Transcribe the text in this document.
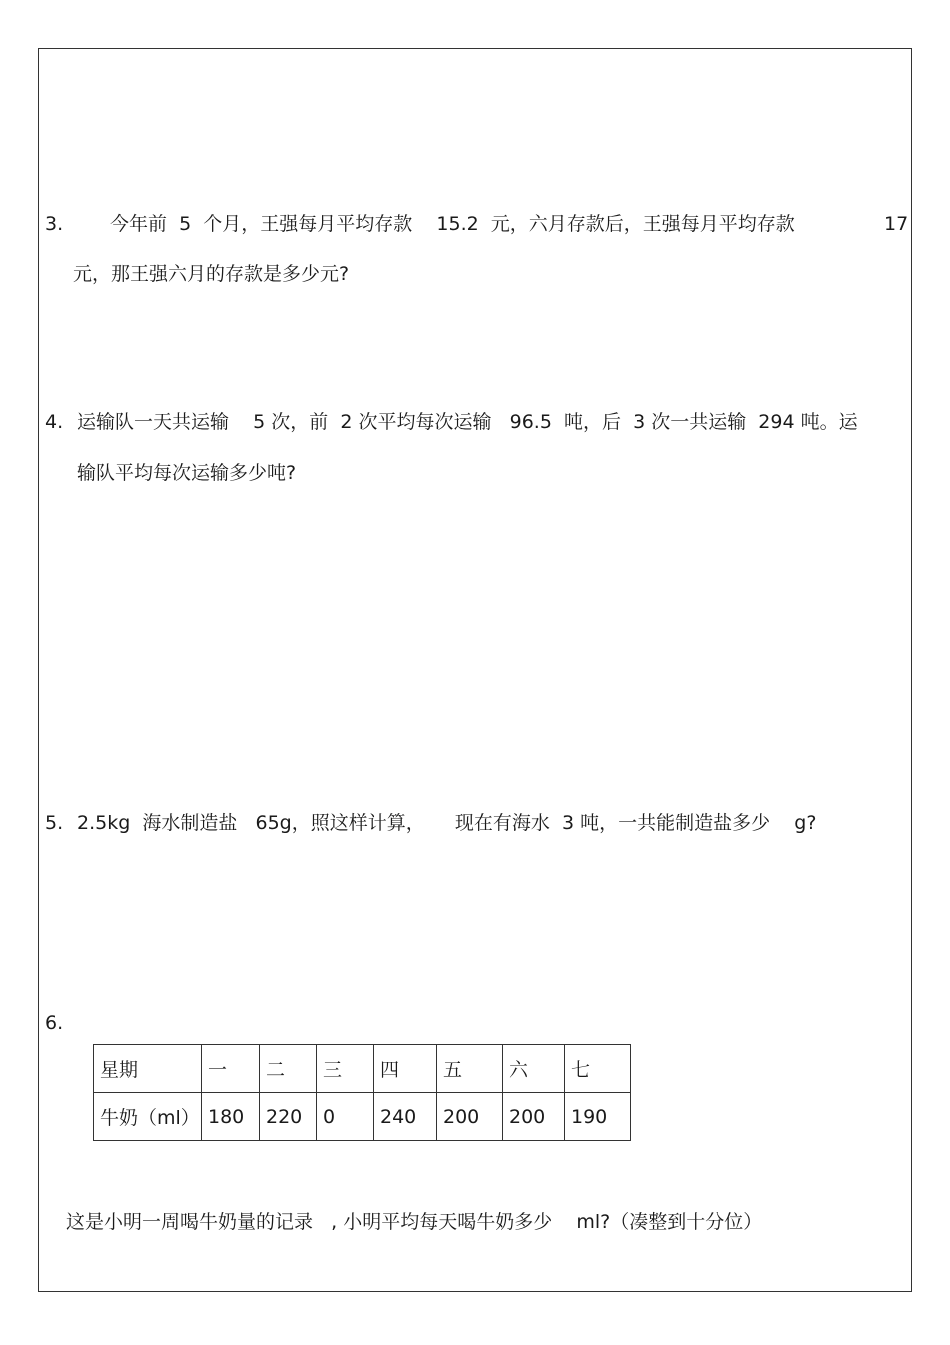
3. 今年前  5  个月，王强每月平均存款    15.2  元，六月存款后，王强每月平均存款	17
元，那王强六月的存款是多少元?
4. 运输队一天共运输    5 次，前  2 次平均每次运输   96.5  吨，后  3 次一共运输  294 吨。运
输队平均每次运输多少吨?
5. 2.5kg  海水制造盐   65g，照这样计算，     现在有海水  3 吨，一共能制造盐多少    g?
6.
星期	一	二	三	四	五	六	七
牛奶（ml）	180	220	0	240	200	200	190
这是小明一周喝牛奶量的记录   , 小明平均每天喝牛奶多少    ml?（凑整到十分位）
